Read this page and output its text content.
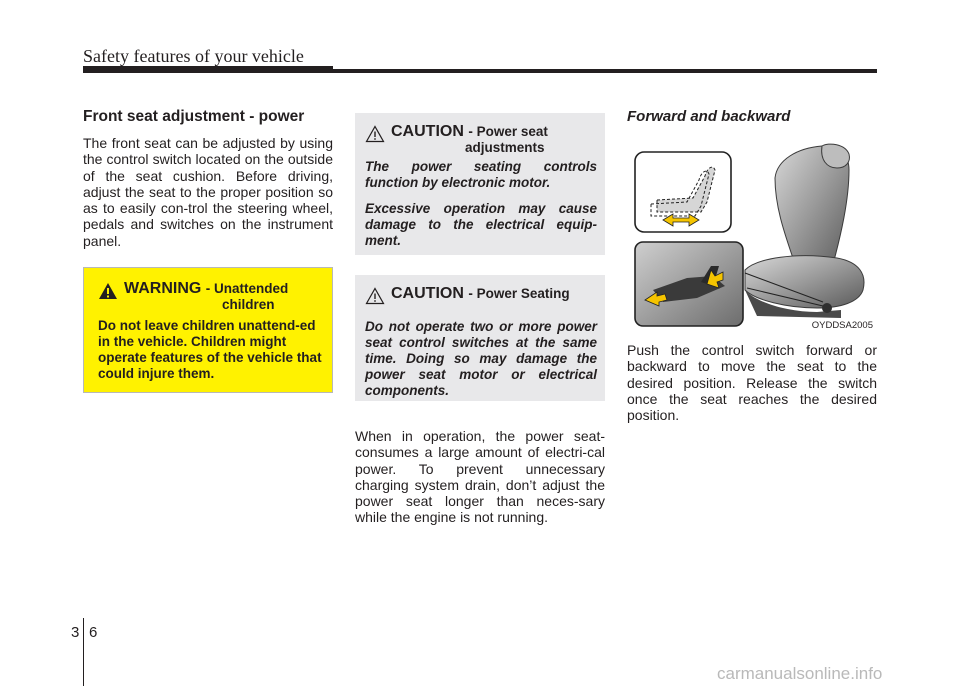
Safety features of your vehicle
Front seat adjustment - power

The front seat can be adjusted by using the control switch located on the outside of the seat cushion. Before driving, adjust the seat to the proper position so as to easily con-trol the steering wheel, pedals and switches on the instrument panel.

WARNING - Unattended
children

Do not leave children unattend-ed in the vehicle. Children might operate features of the vehicle that could injure them.

CAUTION - Power seat
adjustments

The power seating controls function by electronic motor.

Excessive operation may cause damage to the electrical equip-ment.

CAUTION - Power Seating

Do not operate two or more power seat control switches at the same time. Doing so may damage the power seat motor or electrical components.

When in operation, the power seat-consumes a large amount of electri-cal power. To prevent unnecessary charging system drain, don’t adjust the power seat longer than neces-sary while the engine is not running.

Forward and backward
OYDDSA2005

Push the control switch forward or backward to move the seat to the desired position. Release the switch once the seat reaches the desired position.

3 6
carmanualsonline.info
